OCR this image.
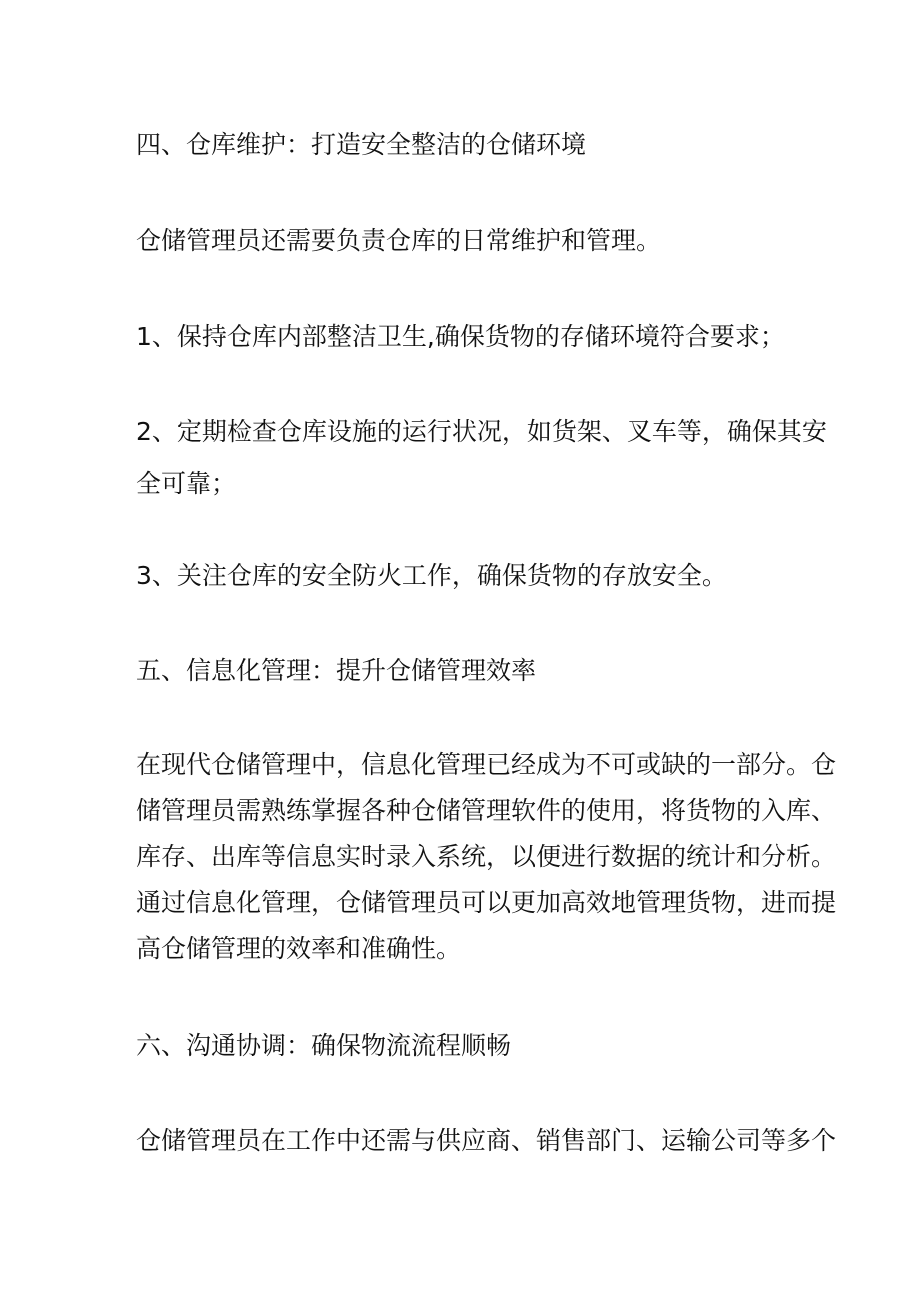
四、仓库维护：打造安全整洁的仓储环境

仓储管理员还需要负责仓库的日常维护和管理。

1、保持仓库内部整洁卫生,确保货物的存储环境符合要求；

2、定期检查仓库设施的运行状况，如货架、叉车等，确保其安
全可靠；

3、关注仓库的安全防火工作，确保货物的存放安全。

五、信息化管理：提升仓储管理效率

在现代仓储管理中，信息化管理已经成为不可或缺的一部分。仓
储管理员需熟练掌握各种仓储管理软件的使用，将货物的入库、
库存、出库等信息实时录入系统，以便进行数据的统计和分析。
通过信息化管理，仓储管理员可以更加高效地管理货物，进而提
高仓储管理的效率和准确性。

六、沟通协调：确保物流流程顺畅

仓储管理员在工作中还需与供应商、销售部门、运输公司等多个
